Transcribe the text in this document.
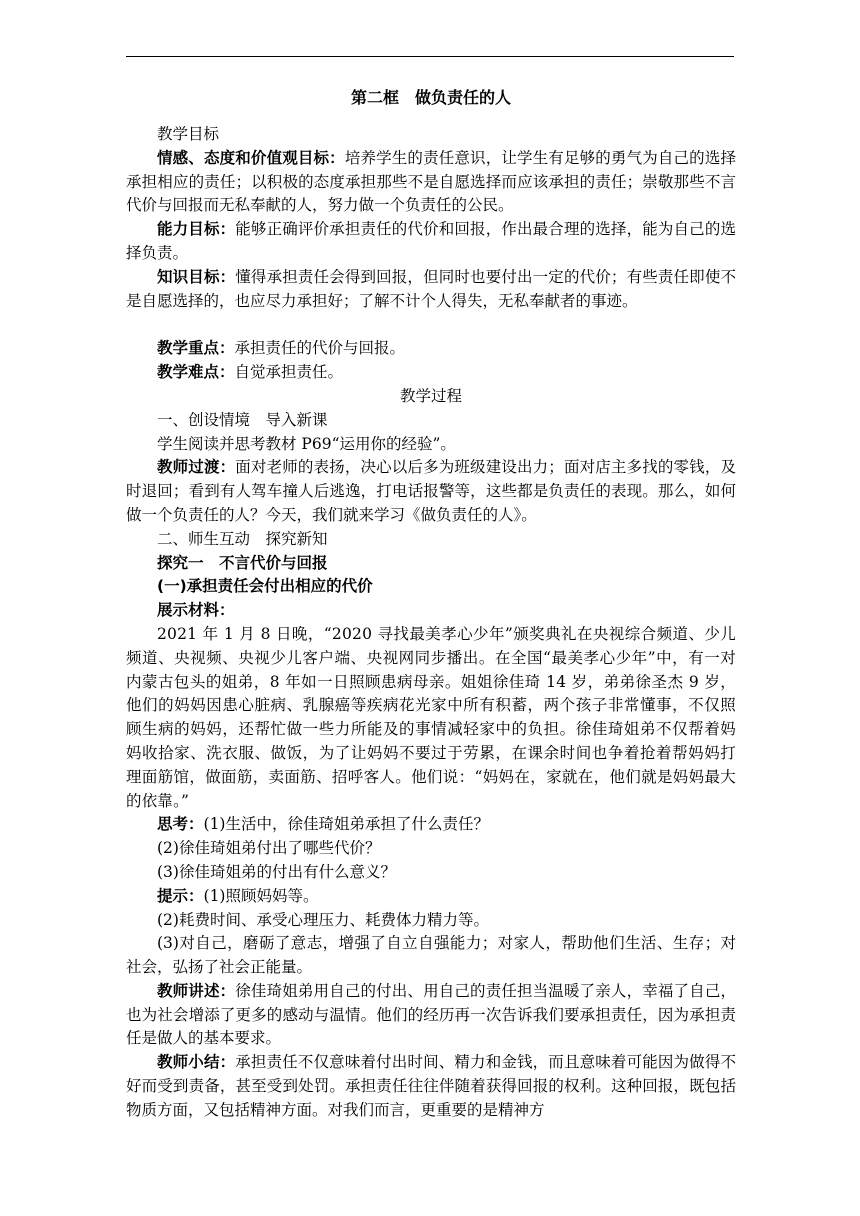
第二框　做负责任的人

教学目标

情感、态度和价值观目标：培养学生的责任意识，让学生有足够的勇气为自己的选择承担相应的责任；以积极的态度承担那些不是自愿选择而应该承担的责任；崇敬那些不言代价与回报而无私奉献的人，努力做一个负责任的公民。

能力目标：能够正确评价承担责任的代价和回报，作出最合理的选择，能为自己的选择负责。

知识目标：懂得承担责任会得到回报，但同时也要付出一定的代价；有些责任即使不是自愿选择的，也应尽力承担好；了解不计个人得失，无私奉献者的事迹。

教学重点：承担责任的代价与回报。

教学难点：自觉承担责任。

教学过程

一、创设情境　导入新课

学生阅读并思考教材 P69“运用你的经验”。

教师过渡：面对老师的表扬，决心以后多为班级建设出力；面对店主多找的零钱，及时退回；看到有人驾车撞人后逃逸，打电话报警等，这些都是负责任的表现。那么，如何做一个负责任的人？今天，我们就来学习《做负责任的人》。

二、师生互动　探究新知

探究一　不言代价与回报

(一)承担责任会付出相应的代价

展示材料：

2021 年 1 月 8 日晚，“2020 寻找最美孝心少年”颁奖典礼在央视综合频道、少儿频道、央视频、央视少儿客户端、央视网同步播出。在全国“最美孝心少年”中，有一对内蒙古包头的姐弟，8 年如一日照顾患病母亲。姐姐徐佳琦 14 岁，弟弟徐圣杰 9 岁，他们的妈妈因患心脏病、乳腺癌等疾病花光家中所有积蓄，两个孩子非常懂事，不仅照顾生病的妈妈，还帮忙做一些力所能及的事情减轻家中的负担。徐佳琦姐弟不仅帮着妈妈收拾家、洗衣服、做饭，为了让妈妈不要过于劳累，在课余时间也争着抢着帮妈妈打理面筋馆，做面筋，卖面筋、招呼客人。他们说：“妈妈在，家就在，他们就是妈妈最大的依靠。”

思考：(1)生活中，徐佳琦姐弟承担了什么责任？

(2)徐佳琦姐弟付出了哪些代价？

(3)徐佳琦姐弟的付出有什么意义？

提示：(1)照顾妈妈等。

(2)耗费时间、承受心理压力、耗费体力精力等。

(3)对自己，磨砺了意志，增强了自立自强能力；对家人，帮助他们生活、生存；对社会，弘扬了社会正能量。

教师讲述：徐佳琦姐弟用自己的付出、用自己的责任担当温暖了亲人，幸福了自己，也为社会增添了更多的感动与温情。他们的经历再一次告诉我们要承担责任，因为承担责任是做人的基本要求。

教师小结：承担责任不仅意味着付出时间、精力和金钱，而且意味着可能因为做得不好而受到责备，甚至受到处罚。承担责任往往伴随着获得回报的权利。这种回报，既包括物质方面，又包括精神方面。对我们而言，更重要的是精神方
